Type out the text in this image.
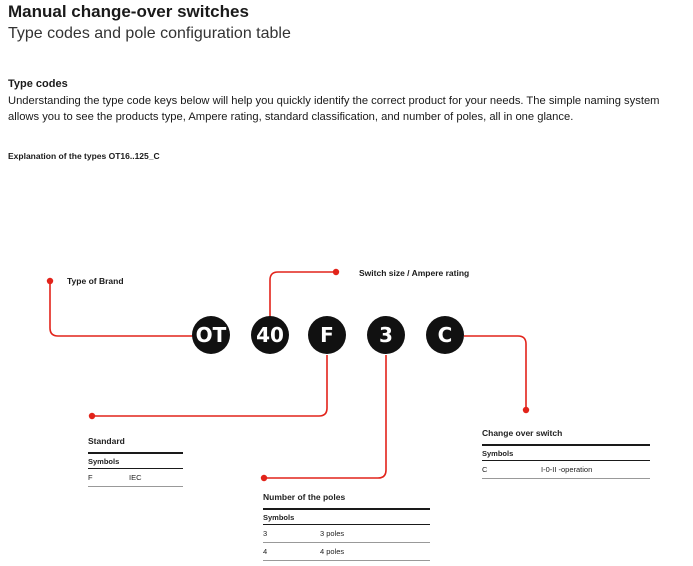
Manual change-over switches
Type codes and pole configuration table
Type codes
Understanding the type code keys below will help you quickly identify the correct product for your needs. The simple naming system allows you to see the products type, Ampere rating, standard classification, and number of poles, all in one glance.
Explanation of the types OT16..125_C
OT 40	F	3	C
Type of Brand
Switch size / Ampere rating
Standard
Symbols
F	IEC
Number of the poles
Symbols
3	3 poles
4	4 poles
Change over switch
Symbols
C	I-0-II -operation
